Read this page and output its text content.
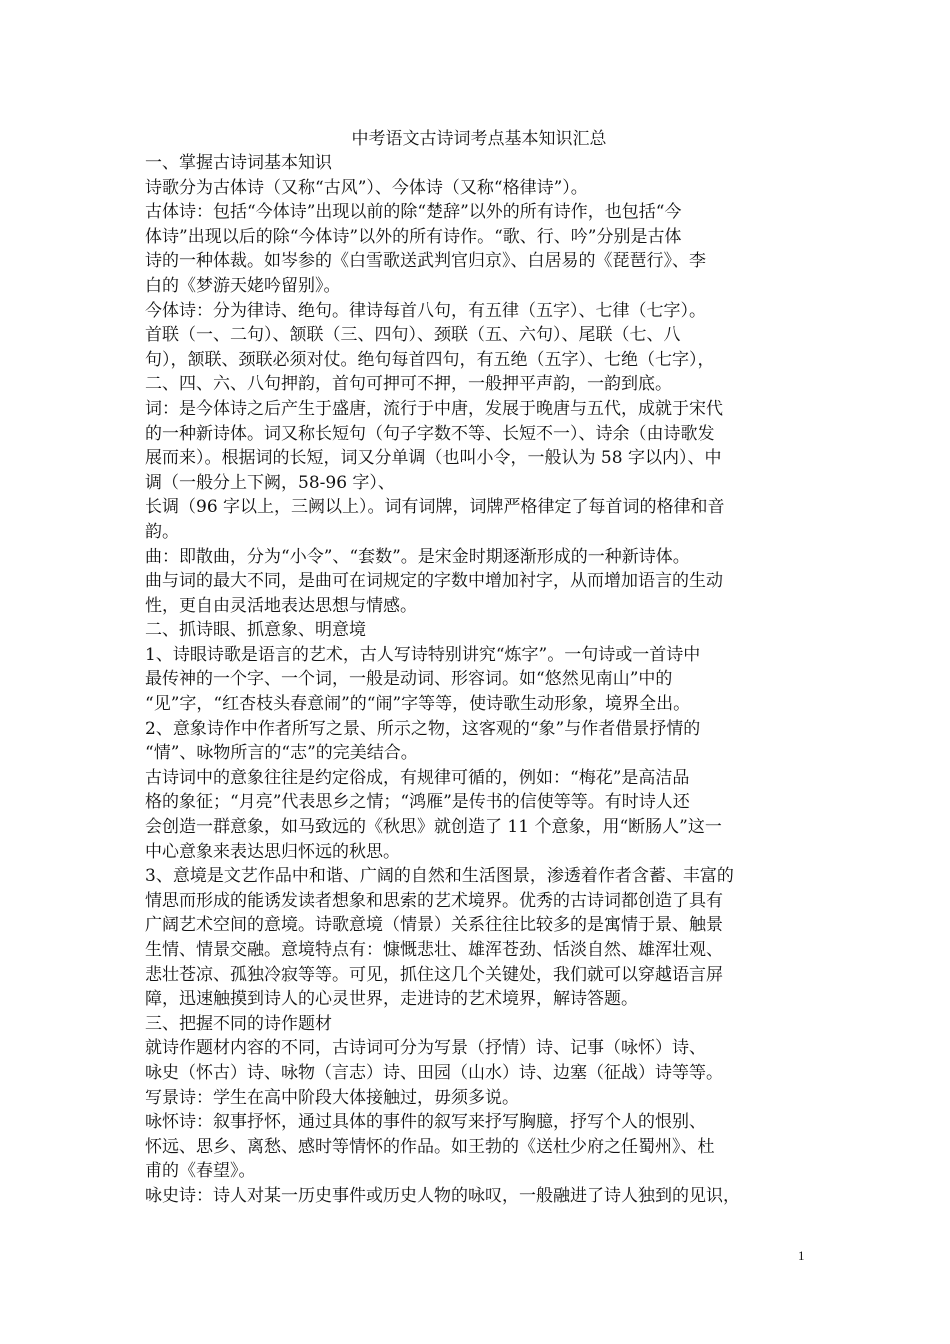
中考语文古诗词考点基本知识汇总

一、掌握古诗词基本知识

诗歌分为古体诗（又称“古风”）、今体诗（又称“格律诗”）。

古体诗：包括“今体诗”出现以前的除“楚辞”以外的所有诗作，也包括“今

体诗”出现以后的除“今体诗”以外的所有诗作。“歌、行、吟”分别是古体

诗的一种体裁。如岑参的《白雪歌送武判官归京》、白居易的《琵琶行》、李

白的《梦游天姥吟留别》。

今体诗：分为律诗、绝句。律诗每首八句，有五律（五字）、七律（七字）。

首联（一、二句）、颔联（三、四句）、颈联（五、六句）、尾联（七、八

句），颔联、颈联必须对仗。绝句每首四句，有五绝（五字）、七绝（七字），

二、四、六、八句押韵，首句可押可不押，一般押平声韵，一韵到底。

词：是今体诗之后产生于盛唐，流行于中唐，发展于晚唐与五代，成就于宋代

的一种新诗体。词又称长短句（句子字数不等、长短不一）、诗余（由诗歌发

展而来）。根据词的长短，词又分单调（也叫小令，一般认为 58 字以内）、中

调（一般分上下阙，58-96 字）、

长调（96 字以上，三阙以上）。词有词牌，词牌严格律定了每首词的格律和音

韵。

曲：即散曲，分为“小令”、“套数”。是宋金时期逐渐形成的一种新诗体。

曲与词的最大不同，是曲可在词规定的字数中增加衬字，从而增加语言的生动

性，更自由灵活地表达思想与情感。

二、抓诗眼、抓意象、明意境

1、诗眼诗歌是语言的艺术，古人写诗特别讲究“炼字”。一句诗或一首诗中

最传神的一个字、一个词，一般是动词、形容词。如“悠然见南山”中的

“见”字，“红杏枝头春意闹”的“闹”字等等，使诗歌生动形象，境界全出。

2、意象诗作中作者所写之景、所示之物，这客观的“象”与作者借景抒情的

“情”、咏物所言的“志”的完美结合。

古诗词中的意象往往是约定俗成，有规律可循的，例如：“梅花”是高洁品

格的象征；“月亮”代表思乡之情；“鸿雁”是传书的信使等等。有时诗人还

会创造一群意象，如马致远的《秋思》就创造了 11 个意象，用“断肠人”这一

中心意象来表达思归怀远的秋思。

3、意境是文艺作品中和谐、广阔的自然和生活图景，渗透着作者含蓄、丰富的

情思而形成的能诱发读者想象和思索的艺术境界。优秀的古诗词都创造了具有

广阔艺术空间的意境。诗歌意境（情景）关系往往比较多的是寓情于景、触景

生情、情景交融。意境特点有：慷慨悲壮、雄浑苍劲、恬淡自然、雄浑壮观、

悲壮苍凉、孤独冷寂等等。可见，抓住这几个关键处，我们就可以穿越语言屏

障，迅速触摸到诗人的心灵世界，走进诗的艺术境界，解诗答题。

三、把握不同的诗作题材

就诗作题材内容的不同，古诗词可分为写景（抒情）诗、记事（咏怀）诗、

咏史（怀古）诗、咏物（言志）诗、田园（山水）诗、边塞（征战）诗等等。

写景诗：学生在高中阶段大体接触过，毋须多说。

咏怀诗：叙事抒怀，通过具体的事件的叙写来抒写胸臆，抒写个人的恨别、

怀远、思乡、离愁、感时等情怀的作品。如王勃的《送杜少府之任蜀州》、杜

甫的《春望》。

咏史诗：诗人对某一历史事件或历史人物的咏叹，一般融进了诗人独到的见识，

1
